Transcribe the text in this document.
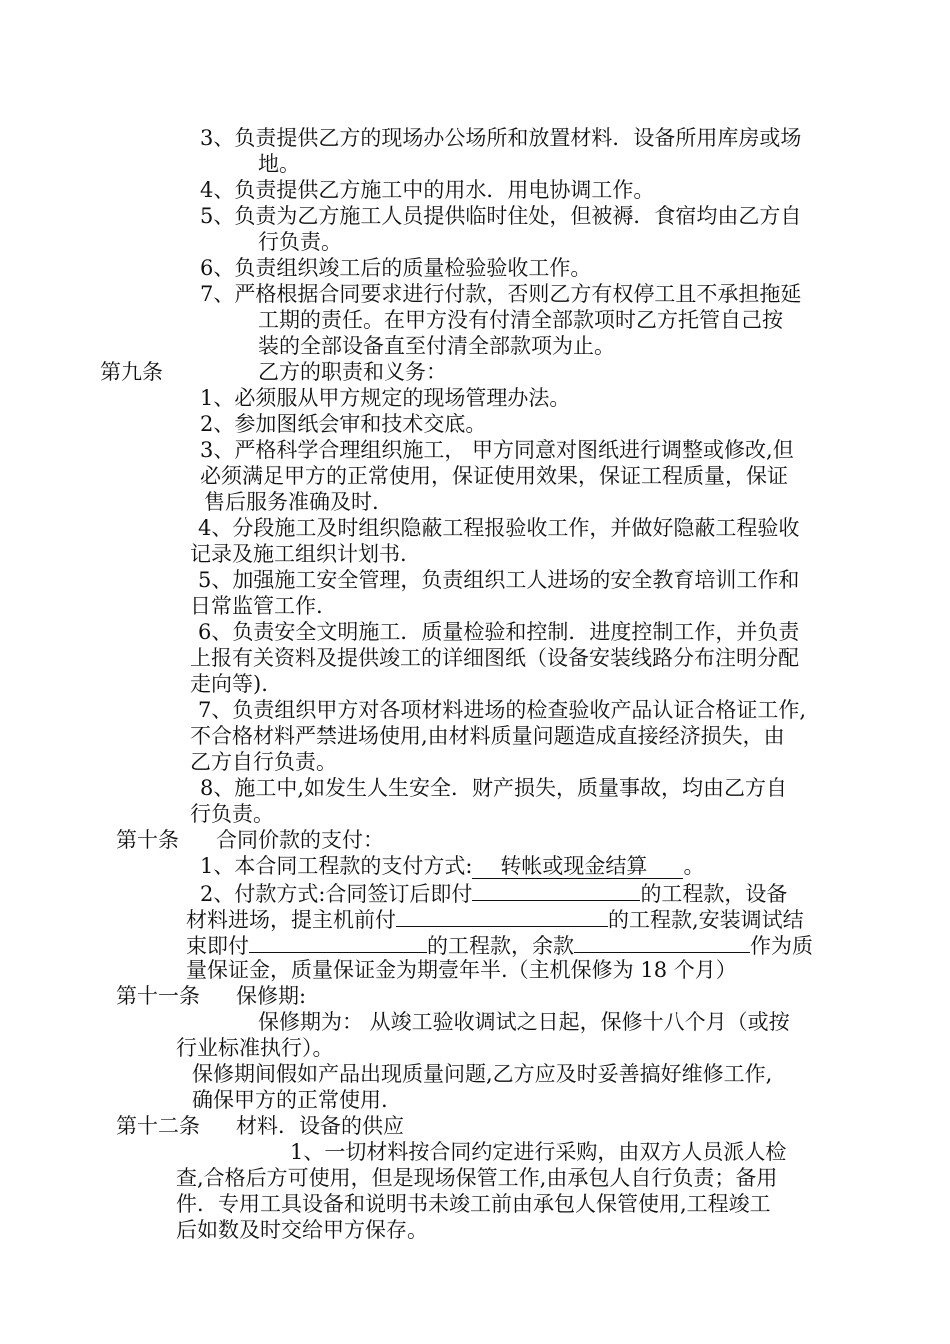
3、负责提供乙方的现场办公场所和放置材料．设备所用库房或场
地。
4、负责提供乙方施工中的用水．用电协调工作。
5、负责为乙方施工人员提供临时住处，但被褥．食宿均由乙方自
行负责。
6、负责组织竣工后的质量检验验收工作。
7、严格根据合同要求进行付款，否则乙方有权停工且不承担拖延
工期的责任。在甲方没有付清全部款项时乙方托管自己按
装的全部设备直至付清全部款项为止。
第九条	乙方的职责和义务：
1、必须服从甲方规定的现场管理办法。
2、参加图纸会审和技术交底。
3、严格科学合理组织施工， 甲方同意对图纸进行调整或修改,但
必须满足甲方的正常使用，保证使用效果，保证工程质量，保证
售后服务准确及时.
4、分段施工及时组织隐蔽工程报验收工作，并做好隐蔽工程验收
记录及施工组织计划书.
5、加强施工安全管理，负责组织工人进场的安全教育培训工作和
日常监管工作.
6、负责安全文明施工．质量检验和控制．进度控制工作，并负责
上报有关资料及提供竣工的详细图纸（设备安装线路分布注明分配
走向等).
7、负责组织甲方对各项材料进场的检查验收产品认证合格证工作,
不合格材料严禁进场使用,由材料质量问题造成直接经济损失，由
乙方自行负责。
8、施工中,如发生人生安全．财产损失，质量事故，均由乙方自
行负责。
第十条 合同价款的支付：
1、本合同工程款的支付方式: 转帐或现金结算 。
2、付款方式:合同签订后即付	的工程款，设备
材料进场，提主机前付	的工程款,安装调试结
束即付	的工程款，余款	作为质
量保证金，质量保证金为期壹年半.（主机保修为 18 个月）
第十一条 保修期:
保修期为： 从竣工验收调试之日起，保修十八个月（或按
行业标准执行）。
保修期间假如产品出现质量问题,乙方应及时妥善搞好维修工作,
确保甲方的正常使用.
第十二条 材料．设备的供应
1、一切材料按合同约定进行采购，由双方人员派人检
查,合格后方可使用，但是现场保管工作,由承包人自行负责；备用
件．专用工具设备和说明书未竣工前由承包人保管使用,工程竣工
后如数及时交给甲方保存。
